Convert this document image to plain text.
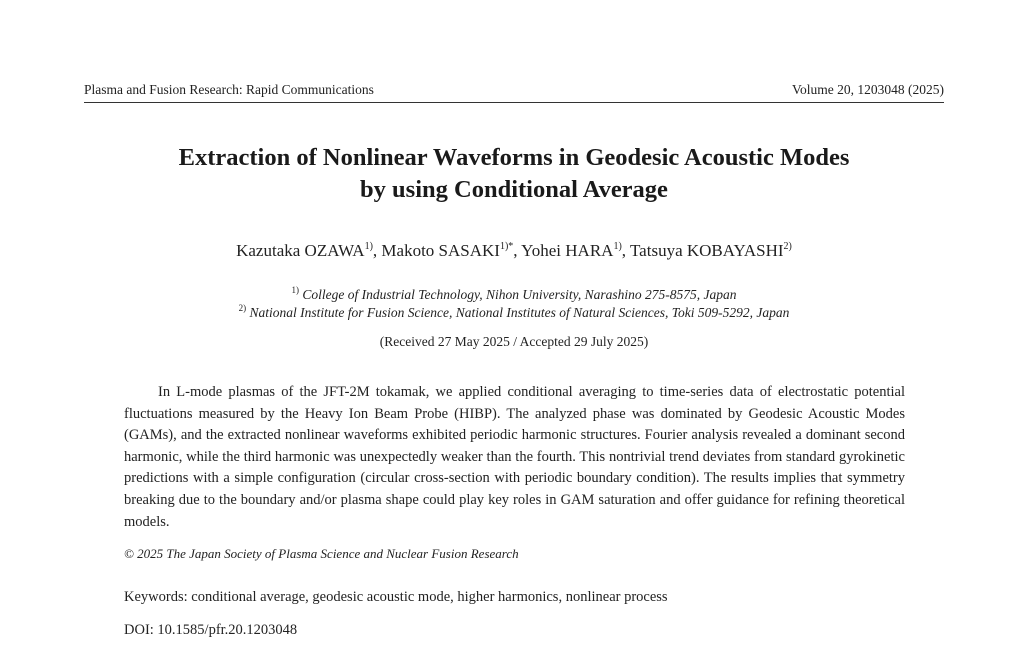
Plasma and Fusion Research: Rapid Communications	Volume 20, 1203048 (2025)
Extraction of Nonlinear Waveforms in Geodesic Acoustic Modes
by using Conditional Average
Kazutaka OZAWA$^{1)}$, Makoto $SASAKI^{1)*}$, Yohei HARA$^{1)}$, Tatsuya KOBAYASHI$^{2)}$
$^{1)}$ College of Industrial Technology, Nihon University, Narashino 275-8575, Japan
$^{2)}$ National Institute for Fusion Science, National Institutes of Natural Sciences, Toki 509-5292, Japan
(Received 27 May 2025 / Accepted 29 July 2025)

In L-mode plasmas of the JFT-2M tokamak, we applied conditional averaging to time-series data of electrostatic potential fluctuations measured by the Heavy Ion Beam Probe (HIBP). The analyzed phase was dominated by Geodesic Acoustic Modes (GAMs), and the extracted nonlinear waveforms exhibited periodic harmonic structures. Fourier analysis revealed a dominant second harmonic, while the third harmonic was unexpectedly weaker than the fourth. This nontrivial trend deviates from standard gyrokinetic predictions with a simple configuration (circular cross-section with periodic boundary condition). The results implies that symmetry breaking due to the boundary and/or plasma shape could play key roles in GAM saturation and offer guidance for refining theoretical models.

© 2025 The Japan Society of Plasma Science and Nuclear Fusion Research
Keywords: conditional average, geodesic acoustic mode, higher harmonics, nonlinear process
DOI: 10.1585/pfr.20.1203048
